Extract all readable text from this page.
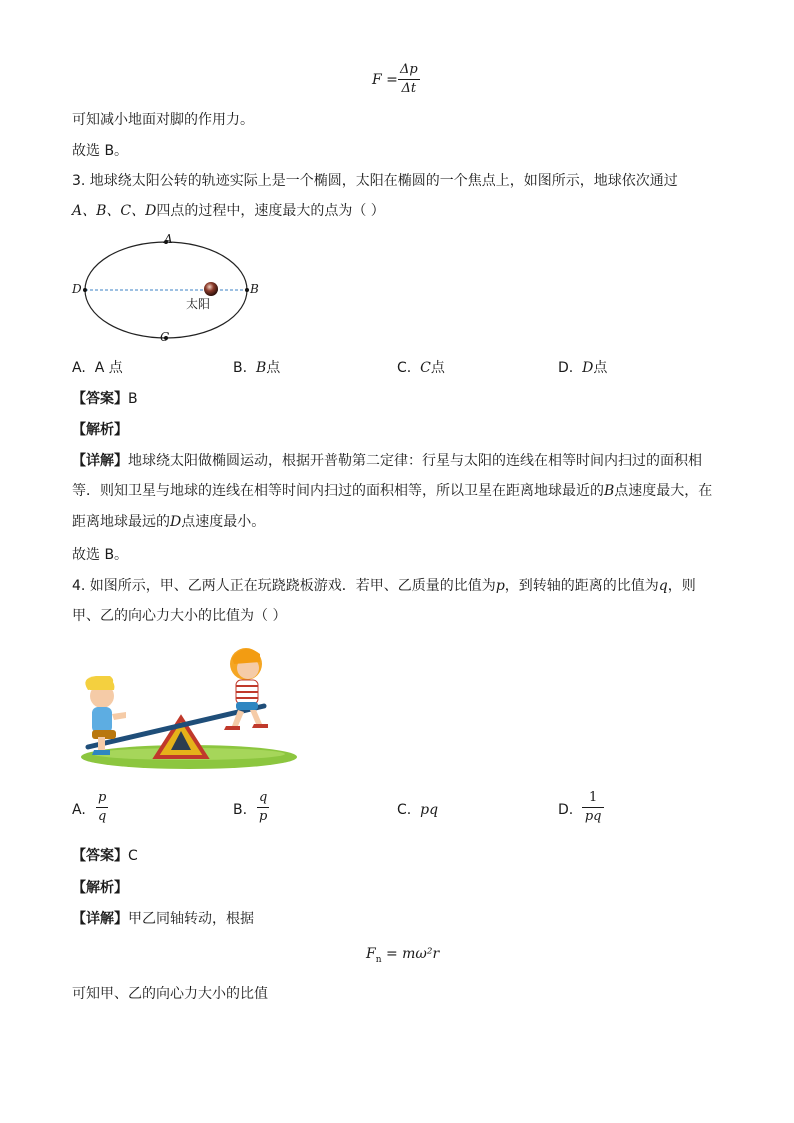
$F = \frac{\Delta p}{\Delta t}$
可知减小地面对脚的作用力。
故选 B。
3. 地球绕太阳公转的轨迹实际上是一个椭圆，太阳在椭圆的一个焦点上，如图所示，地球依次通过
A、B、C、D四点的过程中，速度最大的点为（ ）
A
B
C
D
太阳
A. A 点	B. B点	C. C点	D. D点
【答案】B
【解析】
【详解】地球绕太阳做椭圆运动，根据开普勒第二定律：行星与太阳的连线在相等时间内扫过的面积相
等．则知卫星与地球的连线在相等时间内扫过的面积相等，所以卫星在距离地球最近的B点速度最大，在
距离地球最远的D点速度最小。
故选 B。
4. 如图所示，甲、乙两人正在玩跷跷板游戏．若甲、乙质量的比值为p，到转轴的距离的比值为q，则
甲、乙的向心力大小的比值为（ ）
A. $\frac{p}{q}$	B. $\frac{q}{p}$	C. pq	D. $\frac{1}{pq}$
【答案】C
【解析】
【详解】甲乙同轴转动，根据
$F_n = m\omega^2r$
可知甲、乙的向心力大小的比值
